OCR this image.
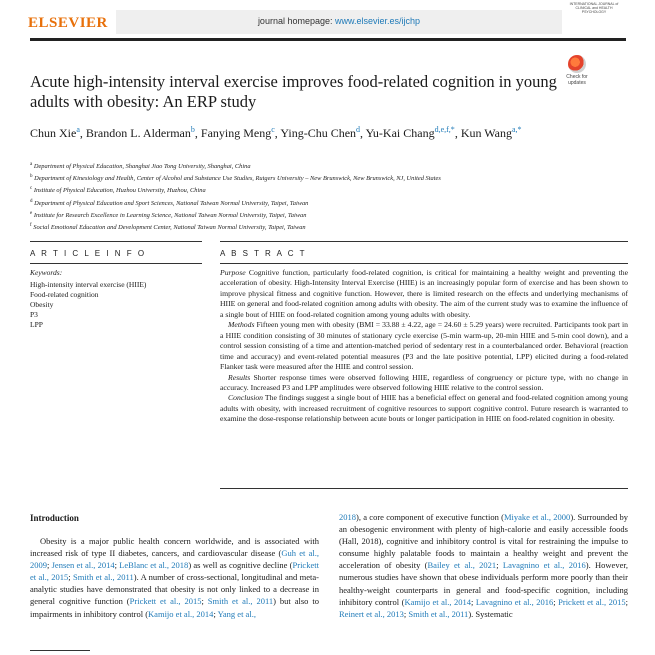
ELSEVIER	journal homepage: www.elsevier.es/ijchp
INTERNATIONAL JOURNAL of CLINICAL and HEALTH PSYCHOLOGY
Acute high-intensity interval exercise improves food-related cognition in young adults with obesity: An ERP study
Check for updates
Chun Xie$^a$, Brandon L. Alderman$^b$, Fanying Meng$^c$, Ying-Chu Chen$^d$, Yu-Kai Chang$^{d,e,f,*}$, Kun Wang$^{a,*}$
$^a$ Department of Physical Education, Shanghai Jiao Tong University, Shanghai, China
$^b$ Department of Kinesiology and Health, Center of Alcohol and Substance Use Studies, Rutgers University – New Brunswick, New Brunswick, NJ, United States
$^c$ Institute of Physical Education, Huzhou University, Huzhou, China
$^d$ Department of Physical Education and Sport Sciences, National Taiwan Normal University, Taipei, Taiwan
$^e$ Institute for Research Excellence in Learning Science, National Taiwan Normal University, Taipei, Taiwan
$^f$ Social Emotional Education and Development Center, National Taiwan Normal University, Taipei, Taiwan
A R T I C L E I N F O	A B S T R A C T
Keywords:
High-intensity interval exercise (HIIE)
Food-related cognition
Obesity
P3
LPP

Purpose Cognitive function, particularly food-related cognition, is critical for maintaining a healthy weight and preventing the acceleration of obesity. High-Intensity Interval Exercise (HIIE) is an increasingly popular form of exercise and has been shown to improve physical fitness and cognitive function. However, there is limited research on the effects and underlying mechanisms of HIIE on general and food-related cognition among adults with obesity. The aim of the current study was to examine the influence of a single bout of HIIE on food-related cognition among young adults with obesity.

Methods Fifteen young men with obesity (BMI = 33.88 ± 4.22, age = 24.60 ± 5.29 years) were recruited. Participants took part in a HIIE condition consisting of 30 minutes of stationary cycle exercise (5-min warm-up, 20-min HIIE and 5-min cool down), and a control session consisting of a time and attention-matched period of sedentary rest in a counterbalanced order. Behavioral (reaction time and accuracy) and event-related potential measures (P3 and the late positive potential, LPP) elicited during a food-related Flanker task were measured after the HIIE and control session.

Results Shorter response times were observed following HIIE, regardless of congruency or picture type, with no change in accuracy. Increased P3 and LPP amplitudes were observed following HIIE relative to the control session.

Conclusion The findings suggest a single bout of HIIE has a beneficial effect on general and food-related cognition among young adults with obesity, with increased recruitment of cognitive resources to support cognitive control. Future research is warranted to examine the dose-response relationship between acute bouts or longer participation in HIIE on food-related cognition in obesity.

Introduction

Obesity is a major public health concern worldwide, and is associated with increased risk of type II diabetes, cancers, and cardiovascular disease (Guh et al., 2009; Jensen et al., 2014; LeBlanc et al., 2018) as well as cognitive decline (Prickett et al., 2015; Smith et al., 2011). A number of cross-sectional, longitudinal and meta-analytic studies have demonstrated that obesity is not only linked to a decrease in general cognitive function (Prickett et al., 2015; Smith et al., 2011) but also to impairments in inhibitory control (Kamijo et al., 2014; Yang et al.,

2018), a core component of executive function (Miyake et al., 2000). Surrounded by an obesogenic environment with plenty of high-calorie and easily accessible foods (Hall, 2018), cognitive and inhibitory control is vital for restraining the impulse to consume highly palatable foods to maintain a healthy weight and prevent the acceleration of obesity (Bailey et al., 2021; Lavagnino et al., 2016). However, numerous studies have shown that obese individuals perform more poorly than their healthy-weight counterparts in general and food-specific cognition, including inhibitory control (Kamijo et al., 2014; Lavagnino et al., 2016; Prickett et al., 2015; Reinert et al., 2013; Smith et al., 2011). Systematic
